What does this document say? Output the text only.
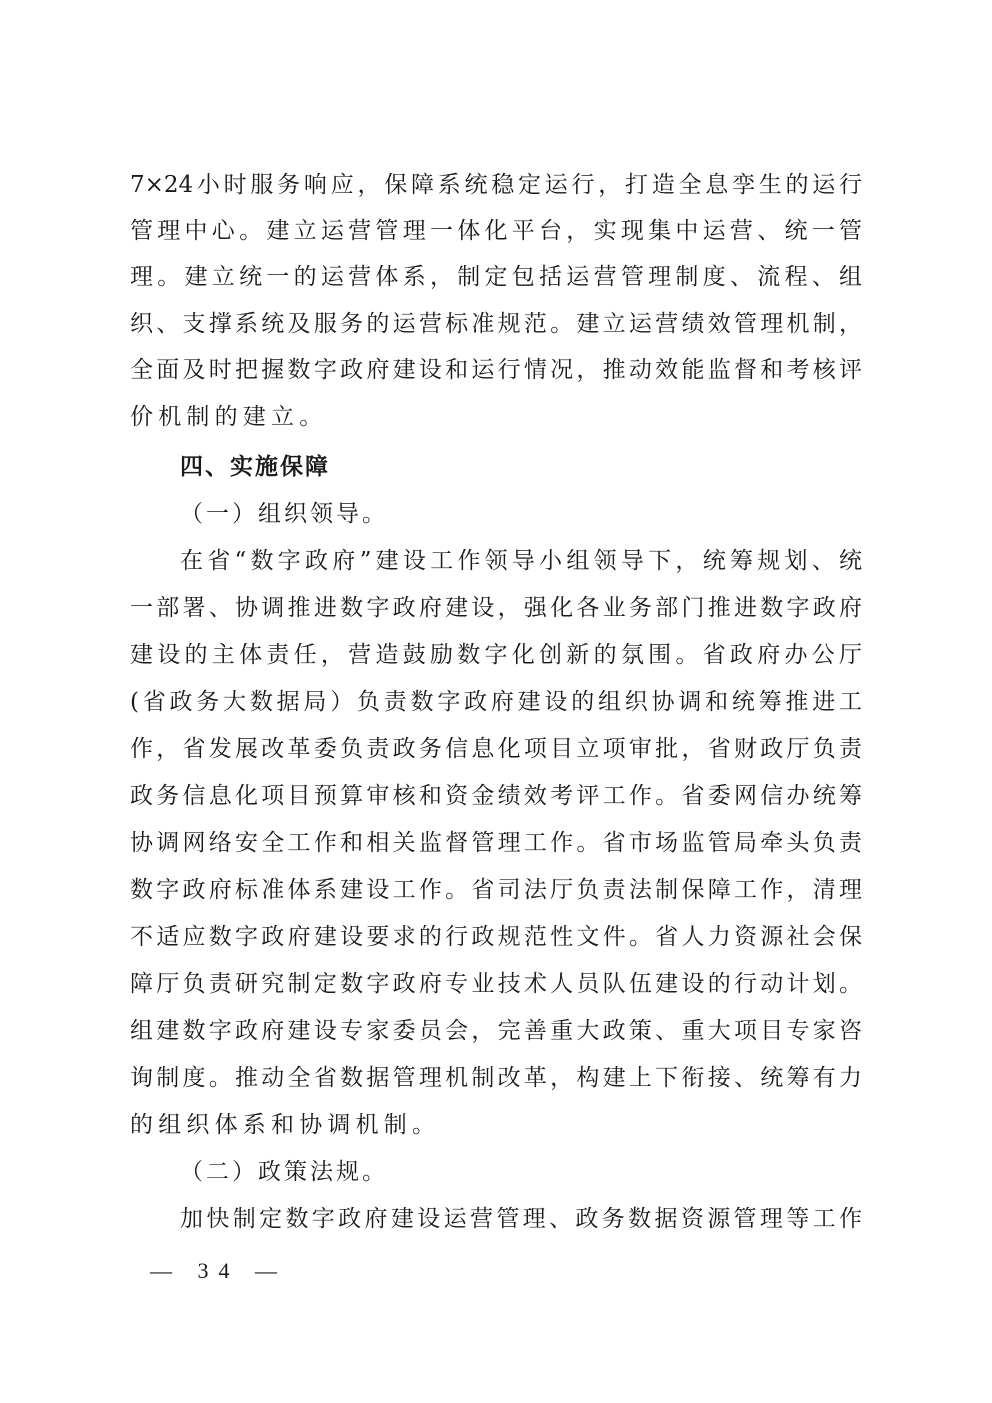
7×24小时服务响应，保障系统稳定运行，打造全息孪生的运行
管理中心。建立运营管理一体化平台，实现集中运营、统一管
理。建立统一的运营体系，制定包括运营管理制度、流程、组
织、支撑系统及服务的运营标准规范。建立运营绩效管理机制，
全面及时把握数字政府建设和运行情况，推动效能监督和考核评
价机制的建立。
四、实施保障
（一）组织领导。
在省“数字政府”建设工作领导小组领导下，统筹规划、统
一部署、协调推进数字政府建设，强化各业务部门推进数字政府
建设的主体责任，营造鼓励数字化创新的氛围。省政府办公厅
(省政务大数据局）负责数字政府建设的组织协调和统筹推进工
作，省发展改革委负责政务信息化项目立项审批，省财政厅负责
政务信息化项目预算审核和资金绩效考评工作。省委网信办统筹
协调网络安全工作和相关监督管理工作。省市场监管局牵头负责
数字政府标准体系建设工作。省司法厅负责法制保障工作，清理
不适应数字政府建设要求的行政规范性文件。省人力资源社会保
障厅负责研究制定数字政府专业技术人员队伍建设的行动计划。
组建数字政府建设专家委员会，完善重大政策、重大项目专家咨
询制度。推动全省数据管理机制改革，构建上下衔接、统筹有力
的组织体系和协调机制。
（二）政策法规。
加快制定数字政府建设运营管理、政务数据资源管理等工作
— 34 —
